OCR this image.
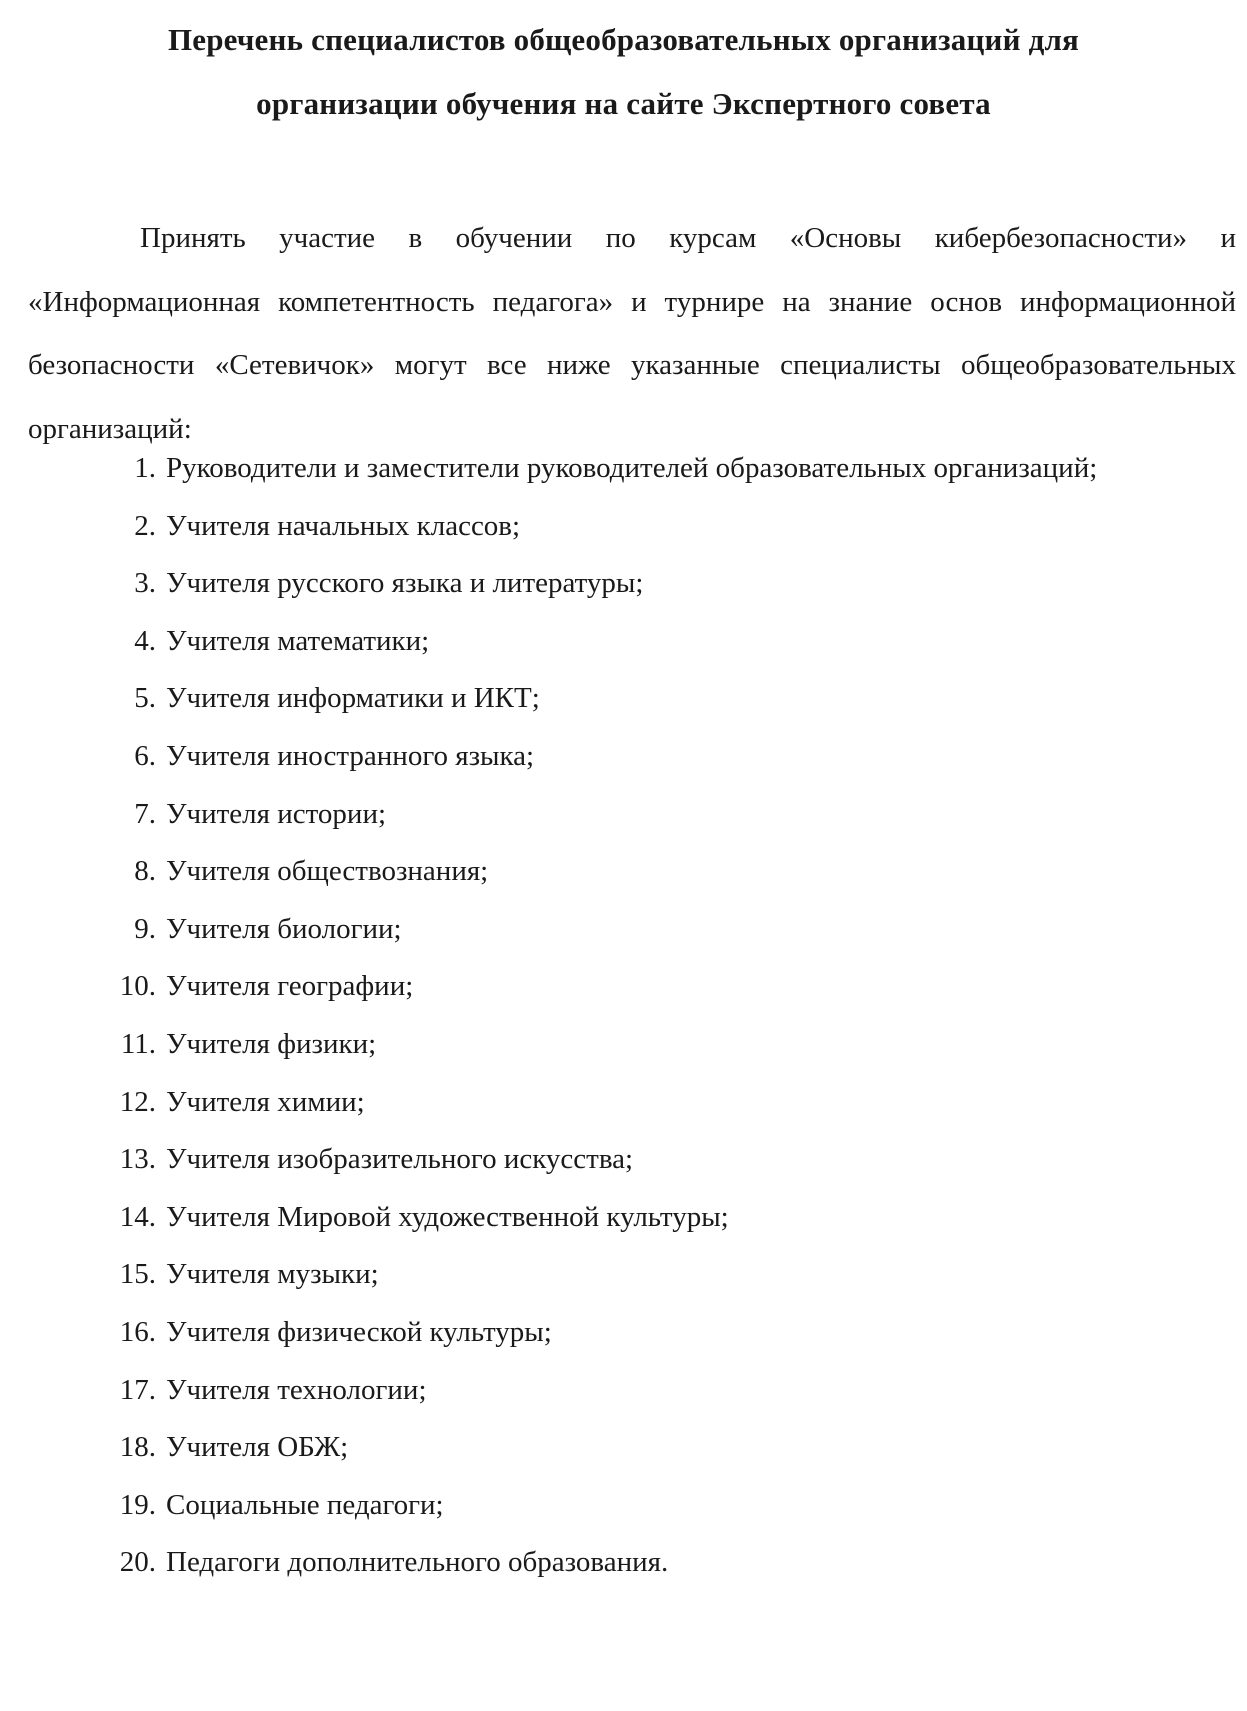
Перечень специалистов общеобразовательных организаций для
организации обучения на сайте Экспертного совета

Принять участие в обучении по курсам «Основы кибербезопасности» и «Информационная компетентность педагога» и турнире на знание основ информационной безопасности «Сетевичок» могут все ниже указанные специалисты общеобразовательных организаций:

1. Руководители и заместители руководителей образовательных организаций;
2. Учителя начальных классов;
3. Учителя русского языка и литературы;
4. Учителя математики;
5. Учителя информатики и ИКТ;
6. Учителя иностранного языка;
7. Учителя истории;
8. Учителя обществознания;
9. Учителя биологии;
10. Учителя географии;
11. Учителя физики;
12. Учителя химии;
13. Учителя изобразительного искусства;
14. Учителя Мировой художественной культуры;
15. Учителя музыки;
16. Учителя физической культуры;
17. Учителя технологии;
18. Учителя ОБЖ;
19. Социальные педагоги;
20. Педагоги дополнительного образования.
